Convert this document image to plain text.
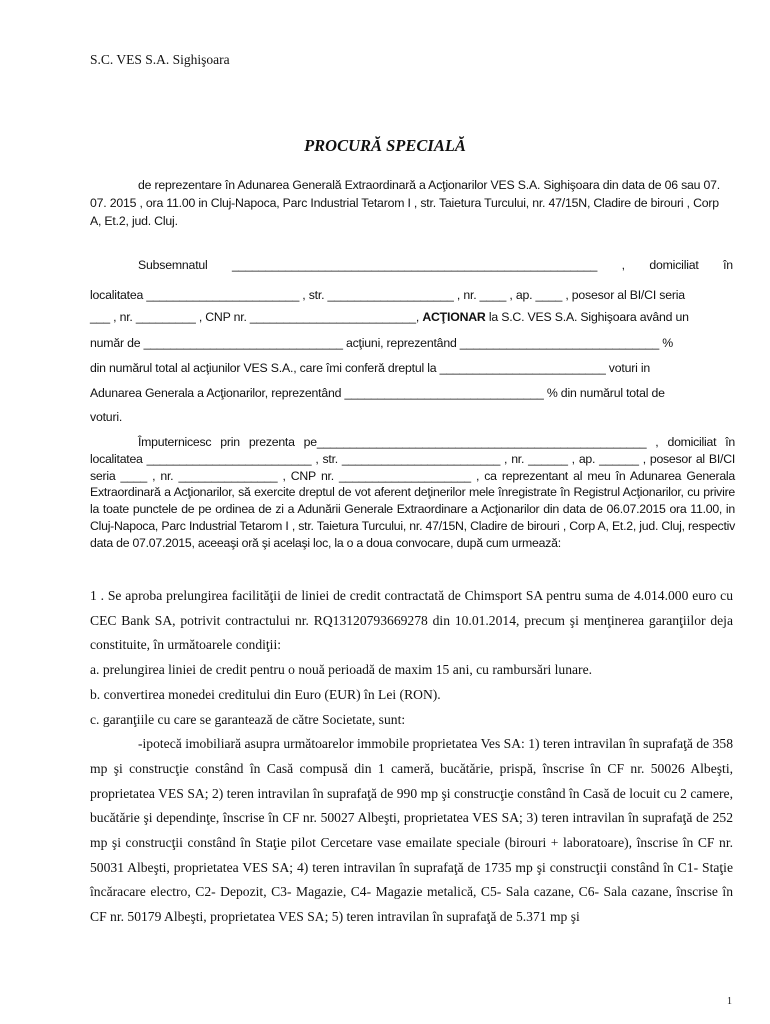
S.C. VES S.A. Sighişoara
PROCURĂ SPECIALĂ
de reprezentare în Adunarea Generală Extraordinară a Acţionarilor VES S.A. Sighişoara din data de 06 sau 07. 07. 2015 , ora 11.00 in Cluj-Napoca, Parc Industrial Tetarom I , str. Taietura Turcului, nr. 47/15N, Cladire de birouri , Corp A, Et.2, jud. Cluj.
Subsemnatul _______________________________________________________ , domiciliat în
localitatea _______________________ , str. ___________________ , nr. ____ , ap. ____ , posesor al BI/CI seria
___ , nr. _________ , CNP nr. _________________________, ACŢIONAR la S.C. VES S.A. Sighişoara având un
număr de ______________________________ acţiuni, reprezentând ______________________________ %
din numărul total al acţiunilor VES S.A., care îmi conferă dreptul la _________________________ voturi in
Adunarea Generala a Acţionarilor, reprezentând ______________________________ % din numărul total de
voturi.
Împuternicesc prin prezenta pe__________________________________________________ , domiciliat în localitatea _________________________ , str. ________________________ , nr. ______ , ap. ______ , posesor al BI/CI seria ____ , nr. _______________ , CNP nr. ____________________ , ca reprezentant al meu în Adunarea Generala Extraordinară a Acţionarilor, să exercite dreptul de vot aferent deţinerilor mele înregistrate în Registrul Acţionarilor, cu privire la toate punctele de pe ordinea de zi a Adunării Generale Extraordinare a Acţionarilor din data de 06.07.2015 ora 11.00, in Cluj-Napoca, Parc Industrial Tetarom I , str. Taietura Turcului, nr. 47/15N, Cladire de birouri , Corp A, Et.2, jud. Cluj, respectiv data de 07.07.2015, aceeaşi oră şi acelaşi loc, la o a doua convocare, după cum urmează:

1 . Se aproba prelungirea facilităţii de liniei de credit contractată de Chimsport SA pentru suma de 4.014.000 euro cu CEC Bank SA, potrivit contractului nr. RQ13120793669278 din 10.01.2014, precum şi menţinerea garanţiilor deja constituite, în următoarele condiţii:

a. prelungirea liniei de credit pentru o nouă perioadă de maxim 15 ani, cu rambursări lunare.

b. convertirea monedei creditului din Euro (EUR) în Lei (RON).

c. garanţiile cu care se garantează de către Societate, sunt:

-ipotecă imobiliară asupra următoarelor immobile proprietatea Ves SA: 1) teren intravilan în suprafaţă de 358 mp şi construcţie constând în Casă compusă din 1 cameră, bucătărie, prispă, înscrise în CF nr. 50026 Albeşti, proprietatea VES SA; 2) teren intravilan în suprafaţă de 990 mp şi construcţie constând în Casă de locuit cu 2 camere, bucătărie şi dependinţe, înscrise în CF nr. 50027 Albeşti, proprietatea VES SA; 3) teren intravilan în suprafaţă de 252 mp şi construcţii constând în Staţie pilot Cercetare vase emailate speciale (birouri + laboratoare), înscrise în CF nr. 50031 Albeşti, proprietatea VES SA; 4) teren intravilan în suprafaţă de 1735 mp şi construcţii constând în C1- Staţie încăracare electro, C2- Depozit, C3- Magazie, C4- Magazie metalică, C5- Sala cazane, C6- Sala cazane, înscrise în CF nr. 50179 Albeşti, proprietatea VES SA; 5) teren intravilan în suprafaţă de 5.371 mp şi

1
